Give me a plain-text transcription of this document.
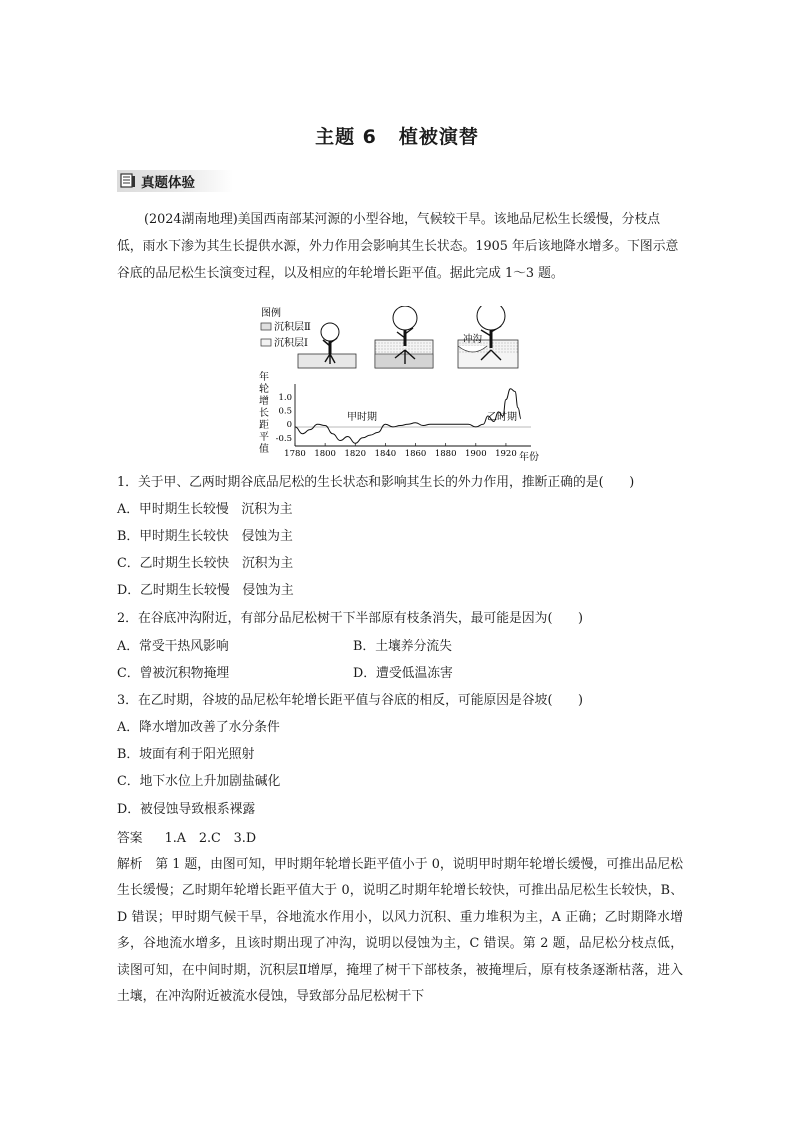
主题 6 植被演替
真题体验
(2024湖南地理)美国西南部某河源的小型谷地，气候较干旱。该地品尼松生长缓慢，分枝点低，雨水下渗为其生长提供水源，外力作用会影响其生长状态。1905 年后该地降水增多。下图示意谷底的品尼松生长演变过程，以及相应的年轮增长距平值。据此完成 1～3 题。
图例
沉积层Ⅱ
沉积层Ⅰ	冲沟
年
轮
增
长
距
平
值
1.0
0.5
0
-0.5
1780 1800 1820 1840 1860 1880 1900 1920
甲时期	乙时期
年份
1．关于甲、乙两时期谷底品尼松的生长状态和影响其生长的外力作用，推断正确的是(　　)
A．甲时期生长较慢　沉积为主
B．甲时期生长较快　侵蚀为主
C．乙时期生长较快　沉积为主
D．乙时期生长较慢　侵蚀为主
2．在谷底冲沟附近，有部分品尼松树干下半部原有枝条消失，最可能是因为(　　)
A．常受干热风影响	B．土壤养分流失
C．曾被沉积物掩埋	D．遭受低温冻害
3．在乙时期，谷坡的品尼松年轮增长距平值与谷底的相反，可能原因是谷坡(　　)
A．降水增加改善了水分条件
B．坡面有利于阳光照射
C．地下水位上升加剧盐碱化
D．被侵蚀导致根系裸露
答案 1.A　2.C　3.D
解析　第 1 题，由图可知，甲时期年轮增长距平值小于 0，说明甲时期年轮增长缓慢，可推出品尼松生长缓慢；乙时期年轮增长距平值大于 0，说明乙时期年轮增长较快，可推出品尼松生长较快，B、D 错误；甲时期气候干旱，谷地流水作用小，以风力沉积、重力堆积为主，A 正确；乙时期降水增多，谷地流水增多，且该时期出现了冲沟，说明以侵蚀为主，C 错误。第 2 题，品尼松分枝点低，读图可知，在中间时期，沉积层Ⅱ增厚，掩埋了树干下部枝条，被掩埋后，原有枝条逐渐枯落，进入土壤，在冲沟附近被流水侵蚀，导致部分品尼松树干下
